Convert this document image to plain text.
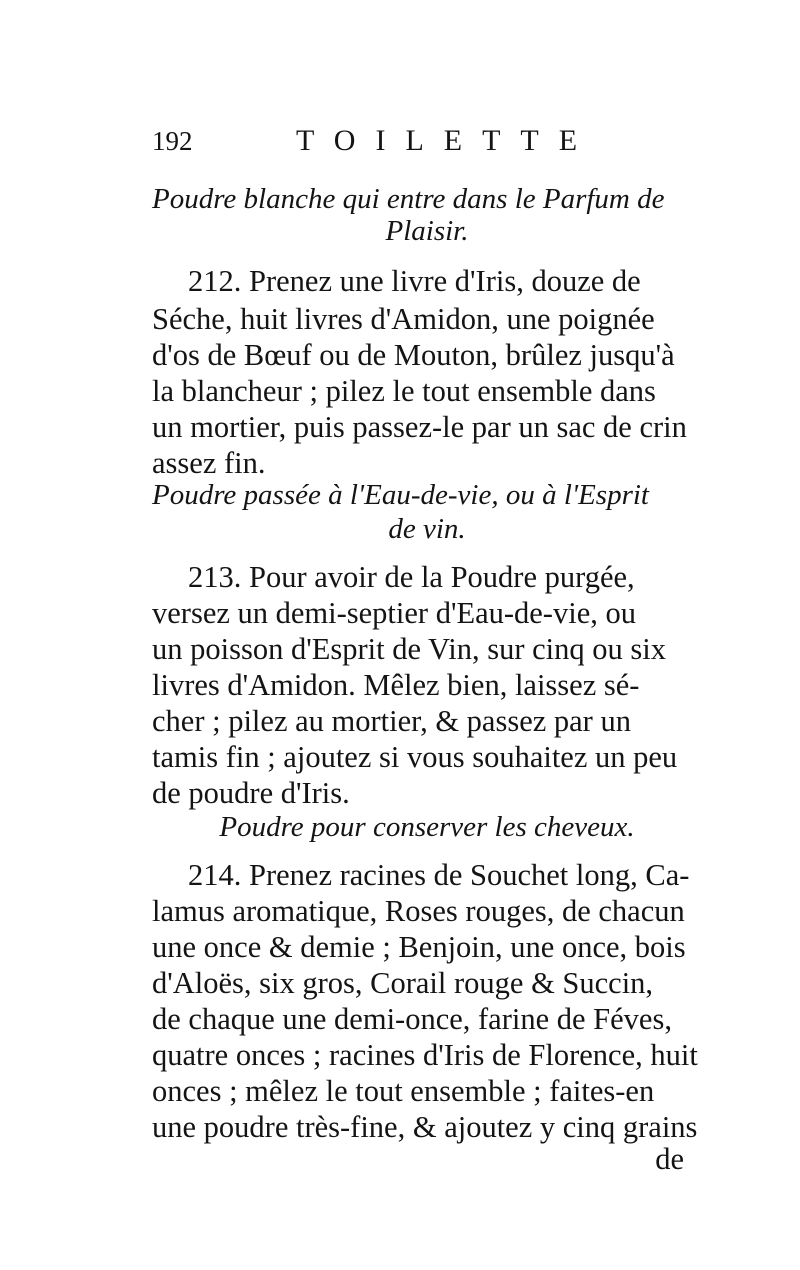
192	TOILETTE
Poudre blanche qui entre dans le Parfum de
Plaisir.
212. Prenez une livre d'Iris, douze de
Séche, huit livres d'Amidon, une poignée
d'os de Bœuf ou de Mouton, brûlez jusqu'à
la blancheur ; pilez le tout ensemble dans
un mortier, puis passez-le par un sac de crin
assez fin.
Poudre passée à l'Eau-de-vie, ou à l'Esprit
de vin.
213. Pour avoir de la Poudre purgée,
versez un demi-septier d'Eau-de-vie, ou
un poisson d'Esprit de Vin, sur cinq ou six
livres d'Amidon. Mêlez bien, laissez sé-
cher ; pilez au mortier, & passez par un
tamis fin ; ajoutez si vous souhaitez un peu
de poudre d'Iris.
Poudre pour conserver les cheveux.
214. Prenez racines de Souchet long, Ca-
lamus aromatique, Roses rouges, de chacun
une once & demie ; Benjoin, une once, bois
d'Aloës, six gros, Corail rouge & Succin,
de chaque une demi-once, farine de Féves,
quatre onces ; racines d'Iris de Florence, huit
onces ; mêlez le tout ensemble ; faites-en
une poudre très-fine, & ajoutez y cinq grains
de
